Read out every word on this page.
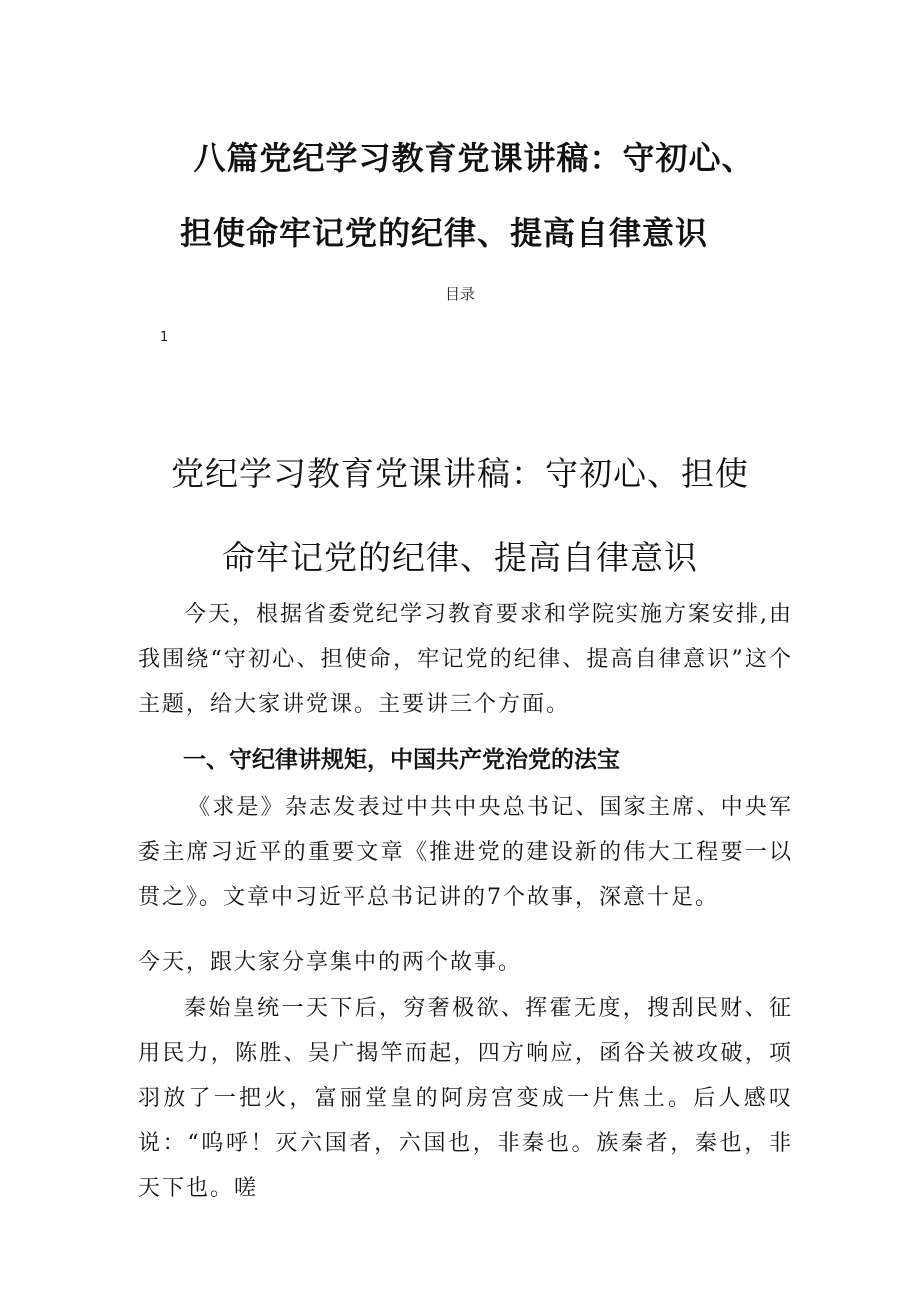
八篇党纪学习教育党课讲稿：守初心、
担使命牢记党的纪律、提高自律意识
目录
1
党纪学习教育党课讲稿：守初心、担使
命牢记党的纪律、提高自律意识

今天，根据省委党纪学习教育要求和学院实施方案安排,由我围绕“守初心、担使命，牢记党的纪律、提高自律意识”这个主题，给大家讲党课。主要讲三个方面。

一、守纪律讲规矩，中国共产党治党的法宝

《求是》杂志发表过中共中央总书记、国家主席、中央军委主席习近平的重要文章《推进党的建设新的伟大工程要一以贯之》。文章中习近平总书记讲的7个故事，深意十足。

今天，跟大家分享集中的两个故事。

秦始皇统一天下后，穷奢极欲、挥霍无度，搜刮民财、征用民力，陈胜、吴广揭竿而起，四方响应，函谷关被攻破，项羽放了一把火，富丽堂皇的阿房宫变成一片焦土。后人感叹说：“呜呼！灭六国者，六国也，非秦也。族秦者，秦也，非天下也。嗟
